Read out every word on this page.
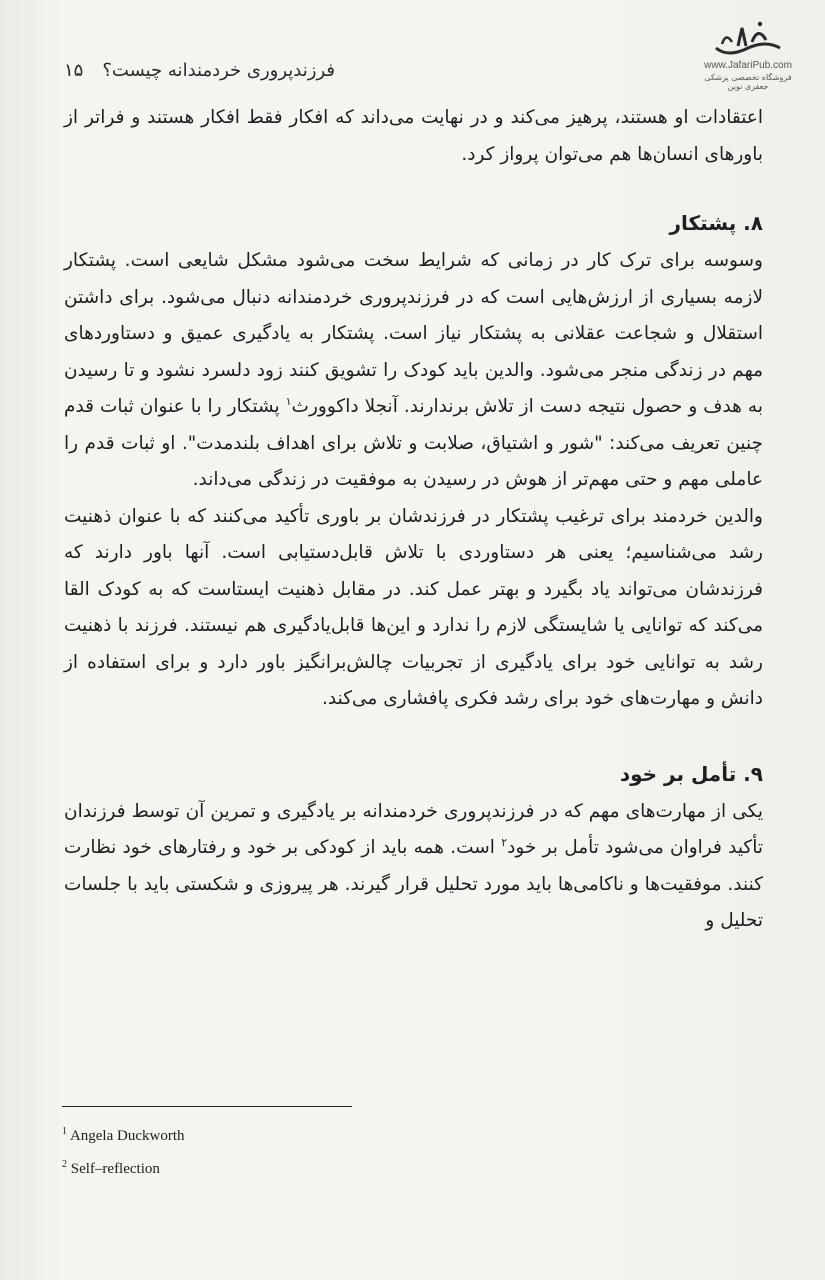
فرزندپروری خردمندانه چیست؟
۱۵	www.JafariPub.com
فروشگاه تخصصی پزشکی جعفری نوین

اعتقادات او هستند، پرهیز می‌کند و در نهایت می‌داند که افکار فقط افکار هستند و فراتر از باورهای انسان‌ها هم می‌توان پرواز کرد.

۸. پشتکار

وسوسه برای ترک کار در زمانی که شرایط سخت می‌شود مشکل شایعی است. پشتکار لازمه بسیاری از ارزش‌هایی است که در فرزندپروری خردمندانه دنبال می‌شود. برای داشتن استقلال و شجاعت عقلانی به پشتکار نیاز است. پشتکار به یادگیری عمیق و دستاوردهای مهم در زندگی منجر می‌شود. والدین باید کودک را تشویق کنند زود دلسرد نشود و تا رسیدن به هدف و حصول نتیجه دست از تلاش برندارند. آنجلا داکوورث$^۱$ پشتکار را با عنوان ثبات قدم چنین تعریف می‌کند: "شور و اشتیاق، صلابت و تلاش برای اهداف بلندمدت". او ثبات قدم را عاملی مهم و حتی مهم‌تر از هوش در رسیدن به موفقیت در زندگی می‌داند.

والدین خردمند برای ترغیب پشتکار در فرزندشان بر باوری تأکید می‌کنند که با عنوان ذهنیت رشد می‌شناسیم؛ یعنی هر دستاوردی با تلاش قابل‌دستیابی است. آنها باور دارند که فرزندشان می‌تواند یاد بگیرد و بهتر عمل کند. در مقابل ذهنیت ایستاست که به کودک القا می‌کند که توانایی یا شایستگی لازم را ندارد و این‌ها قابل‌یادگیری هم نیستند. فرزند با ذهنیت رشد به توانایی خود برای یادگیری از تجربیات چالش‌برانگیز باور دارد و برای استفاده از دانش و مهارت‌های خود برای رشد فکری پافشاری می‌کند.

۹. تأمل بر خود

یکی از مهارت‌های مهم که در فرزندپروری خردمندانه بر یادگیری و تمرین آن توسط فرزندان تأکید فراوان می‌شود تأمل بر خود$^۲$ است. همه باید از کودکی بر خود و رفتارهای خود نظارت کنند. موفقیت‌ها و ناکامی‌ها باید مورد تحلیل قرار گیرند. هر پیروزی و شکستی باید با جلسات تحلیل و

$^1$ Angela Duckworth
$^2$ Self–reflection
